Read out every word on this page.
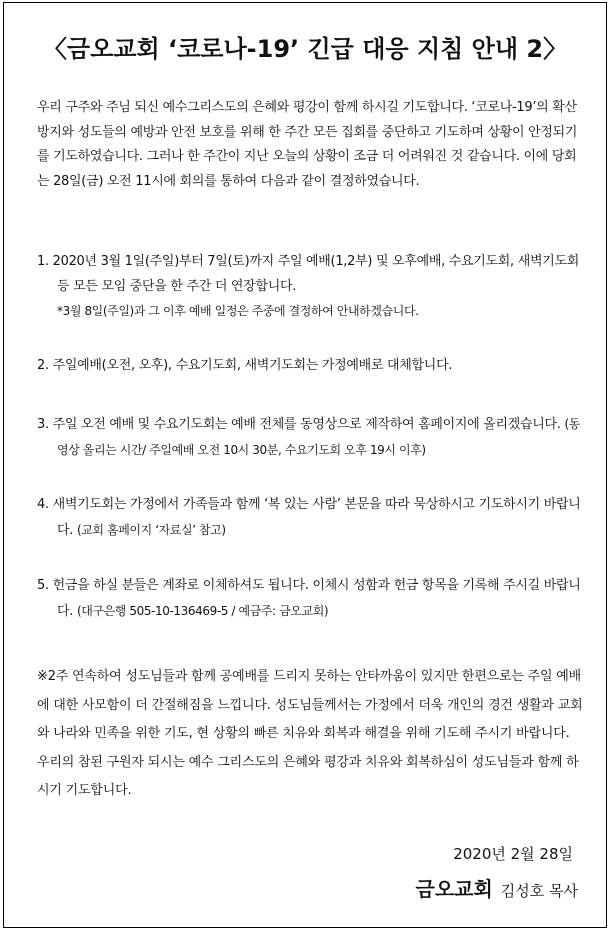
〈금오교회 ‘코로나-19’ 긴급 대응 지침 안내 2〉

우리 구주와 주님 되신 예수그리스도의 은혜와 평강이 함께 하시길 기도합니다. ‘코로나-19’의 확산 방지와 성도들의 예방과 안전 보호를 위해 한 주간 모든 집회를 중단하고 기도하며 상황이 안정되기를 기도하였습니다. 그러나 한 주간이 지난 오늘의 상황이 조금 더 어려워진 것 같습니다. 이에 당회는 28일(금) 오전 11시에 회의를 통하여 다음과 같이 결정하였습니다.

1. 2020년 3월 1일(주일)부터 7일(토)까지 주일 예배(1,2부) 및 오후예배, 수요기도회, 새벽기도회 등 모든 모임 중단을 한 주간 더 연장합니다.
*3월 8일(주일)과 그 이후 예배 일정은 주중에 결정하여 안내하겠습니다.
2. 주일예배(오전, 오후), 수요기도회, 새벽기도회는 가정예배로 대체합니다.
3. 주일 오전 예배 및 수요기도회는 예배 전체를 동영상으로 제작하여 홈페이지에 올리겠습니다. (동영상 올리는 시간/ 주일예배 오전 10시 30분, 수요기도회 오후 19시 이후)
4. 새벽기도회는 가정에서 가족들과 함께 ‘복 있는 사람’ 본문을 따라 묵상하시고 기도하시기 바랍니다. (교회 홈페이지 ‘자료실’ 참고)
5. 헌금을 하실 분들은 계좌로 이체하셔도 됩니다. 이체시 성함과 헌금 항목을 기록해 주시길 바랍니다. (대구은행 505-10-136469-5 / 예금주: 금오교회)

※2주 연속하여 성도님들과 함께 공예배를 드리지 못하는 안타까움이 있지만 한편으로는 주일 예배에 대한 사모함이 더 간절해짐을 느낍니다. 성도님들께서는 가정에서 더욱 개인의 경건 생활과 교회와 나라와 민족을 위한 기도, 현 상황의 빠른 치유와 회복과 해결을 위해 기도해 주시기 바랍니다. 우리의 참된 구원자 되시는 예수 그리스도의 은혜와 평강과 치유와 회복하심이 성도님들과 함께 하시기 기도합니다.

2020년 2월 28일
금오교회 김성호 목사
